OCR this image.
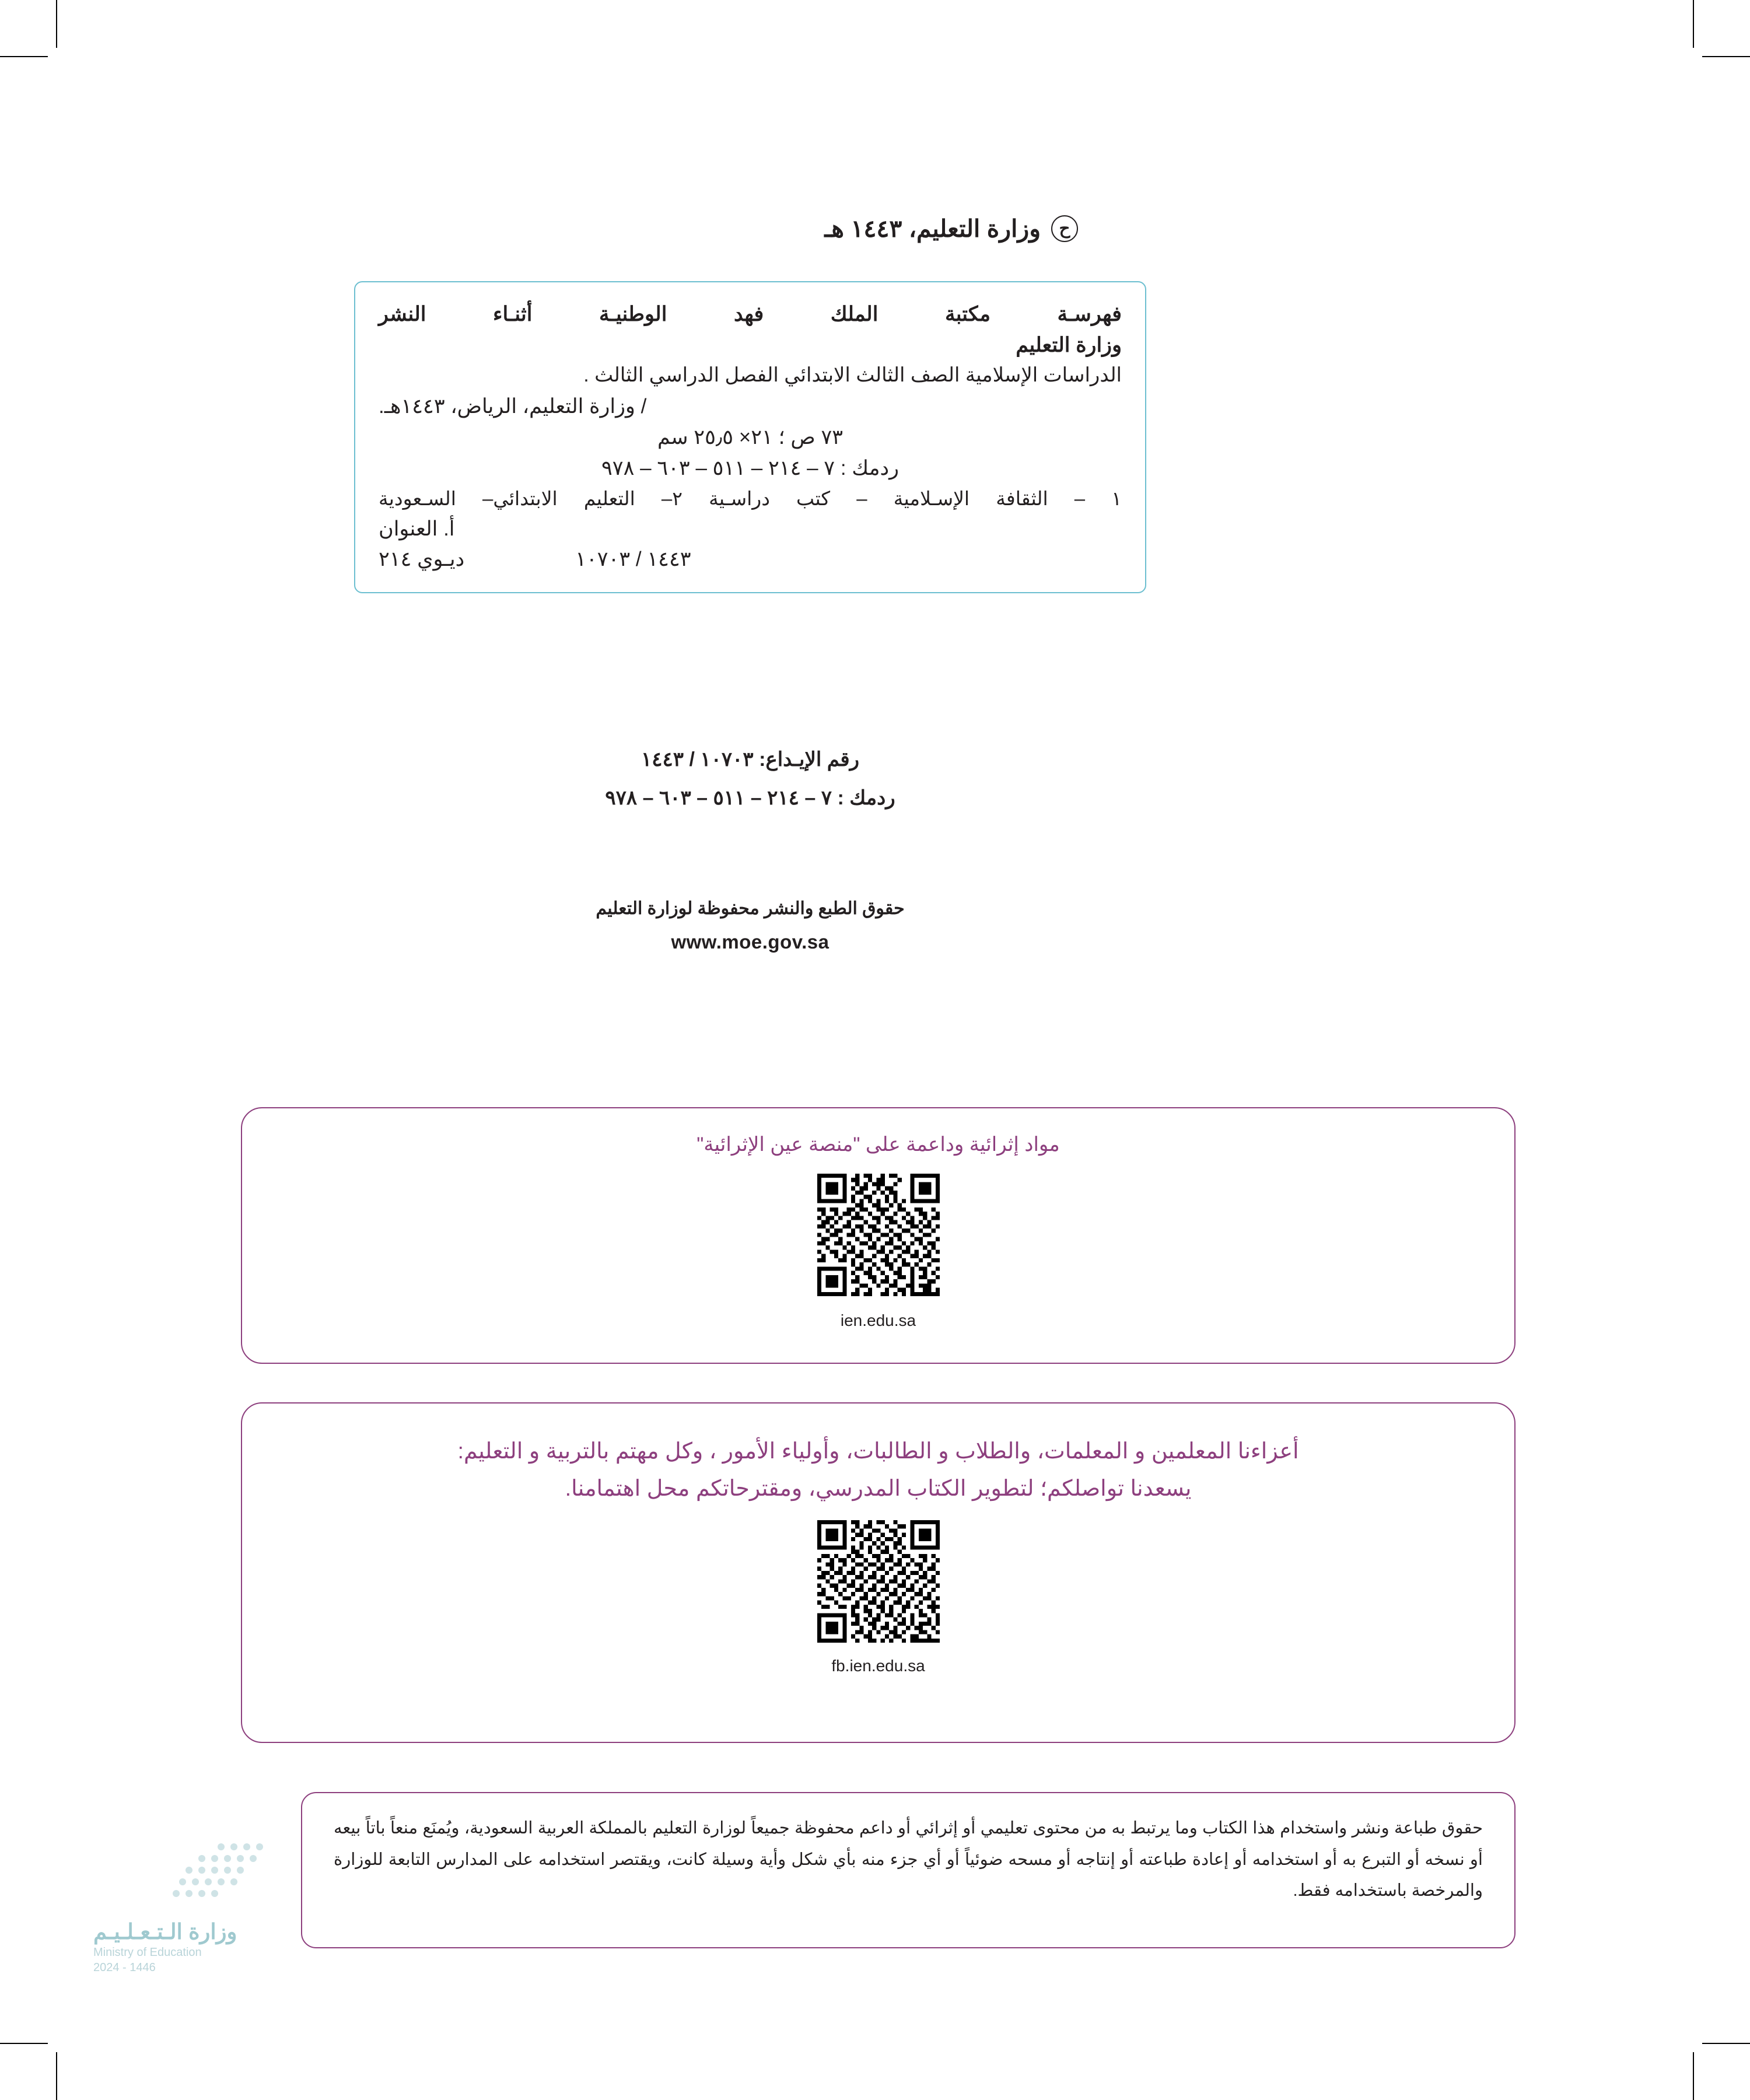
ح
وزارة التعليم، ١٤٤٣ هـ
فهرسـة مكتبة الملك فهد الوطنيـة أثنـاء النشر
وزارة التعليم
الدراسات الإسلامية الصف الثالث الابتدائي الفصل الدراسي الثالث .
/ وزارة التعليم، الرياض، ١٤٤٣هـ.
٧٣ ص ؛ ٢١× ٢٥٫٥ سم
ردمك : ٧ – ٢١٤ – ٥١١ – ٦٠٣ – ٩٧٨
١ – الثقافة الإسـلامية – كتب دراسـية ٢– التعليم الابتدائي– السـعودية
أ. العنوان
ديـوي ٢١٤	١٤٤٣ / ١٠٧٠٣
رقم الإيـداع: ١٠٧٠٣ / ١٤٤٣
ردمك : ٧ – ٢١٤ – ٥١١ – ٦٠٣ – ٩٧٨
حقوق الطبع والنشر محفوظة لوزارة التعليم
www.moe.gov.sa
مواد إثرائية وداعمة على "منصة عين الإثرائية"
ien.edu.sa
أعزاءنا المعلمين و المعلمات، والطلاب و الطالبات، وأولياء الأمور ، وكل مهتم بالتربية و التعليم:
يسعدنا تواصلكم؛ لتطوير الكتاب المدرسي، ومقترحاتكم محل اهتمامنا.
fb.ien.edu.sa
حقوق طباعة ونشر واستخدام هذا الكتاب وما يرتبط به من محتوى تعليمي أو إثرائي أو داعم محفوظة جميعاً لوزارة التعليم بالمملكة العربية السعودية، ويُمنَع منعاً باتاً بيعه أو نسخه أو التبرع به أو استخدامه أو إعادة طباعته أو إنتاجه أو مسحه ضوئياً أو أي جزء منه بأي شكل وأية وسيلة كانت، ويقتصر استخدامه على المدارس التابعة للوزارة والمرخصة باستخدامه فقط.
وزارة الـتـعـلـيـم
Ministry of Education
2024 - 1446
